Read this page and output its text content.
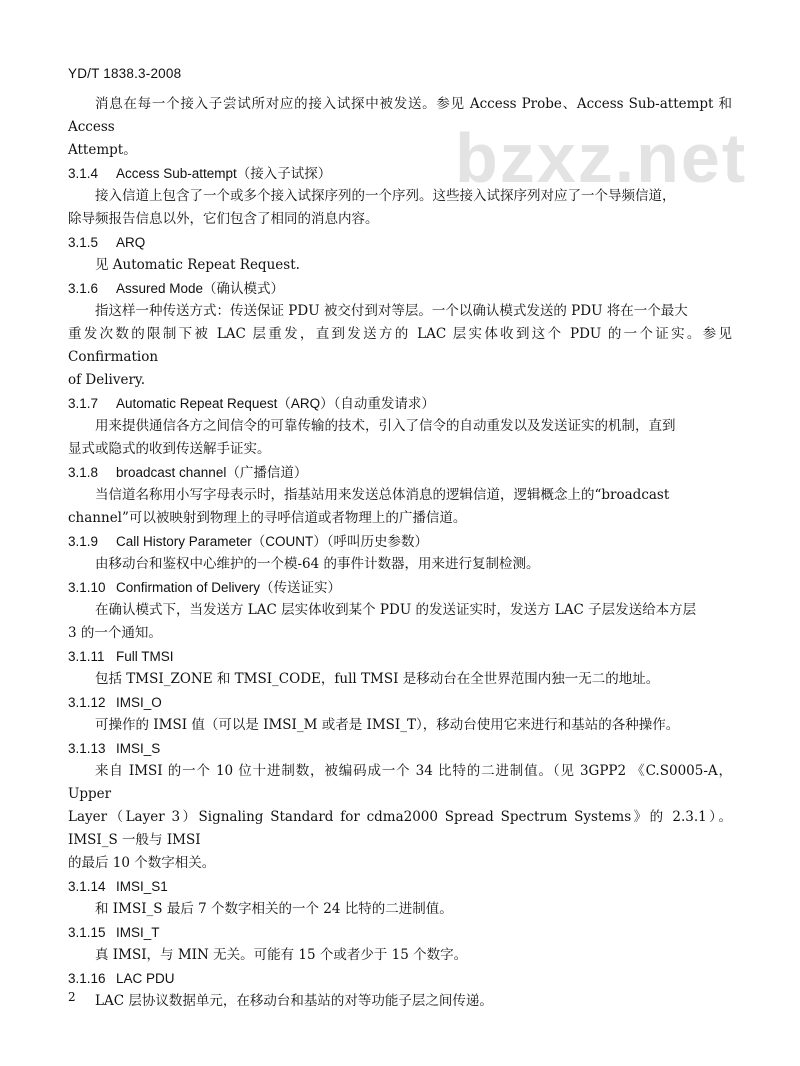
YD/T 1838.3-2008
bzxz.net

消息在每一个接入子尝试所对应的接入试探中被发送。参见 Access Probe、Access Sub-attempt 和 Access

Attempt。

3.1.4 Access Sub-attempt（接入子试探）

接入信道上包含了一个或多个接入试探序列的一个序列。这些接入试探序列对应了一个导频信道，

除导频报告信息以外，它们包含了相同的消息内容。

3.1.5 ARQ

见 Automatic Repeat Request.

3.1.6 Assured Mode（确认模式）

指这样一种传送方式：传送保证 PDU 被交付到对等层。一个以确认模式发送的 PDU 将在一个最大

重发次数的限制下被 LAC 层重发，直到发送方的 LAC 层实体收到这个 PDU 的一个证实。参见 Confirmation

of Delivery.

3.1.7 Automatic Repeat Request（ARQ）（自动重发请求）

用来提供通信各方之间信令的可靠传输的技术，引入了信令的自动重发以及发送证实的机制，直到

显式或隐式的收到传送解手证实。

3.1.8 broadcast channel（广播信道）

当信道名称用小写字母表示时，指基站用来发送总体消息的逻辑信道，逻辑概念上的“broadcast

channel”可以被映射到物理上的寻呼信道或者物理上的广播信道。

3.1.9 Call History Parameter（COUNT）（呼叫历史参数）

由移动台和鉴权中心维护的一个模-64 的事件计数器，用来进行复制检测。

3.1.10 Confirmation of Delivery（传送证实）

在确认模式下，当发送方 LAC 层实体收到某个 PDU 的发送证实时，发送方 LAC 子层发送给本方层

3 的一个通知。

3.1.11 Full TMSI

包括 TMSI_ZONE 和 TMSI_CODE，full TMSI 是移动台在全世界范围内独一无二的地址。

3.1.12 IMSI_O

可操作的 IMSI 值（可以是 IMSI_M 或者是 IMSI_T），移动台使用它来进行和基站的各种操作。

3.1.13 IMSI_S

来自 IMSI 的一个 10 位十进制数，被编码成一个 34 比特的二进制值。（见 3GPP2 《C.S0005-A，Upper

Layer（Layer 3）Signaling Standard for cdma2000 Spread Spectrum Systems》的 2.3.1）。IMSI_S 一般与 IMSI

的最后 10 个数字相关。

3.1.14 IMSI_S1

和 IMSI_S 最后 7 个数字相关的一个 24 比特的二进制值。

3.1.15 IMSI_T

真 IMSI，与 MIN 无关。可能有 15 个或者少于 15 个数字。

3.1.16 LAC PDU

LAC 层协议数据单元，在移动台和基站的对等功能子层之间传递。

2
